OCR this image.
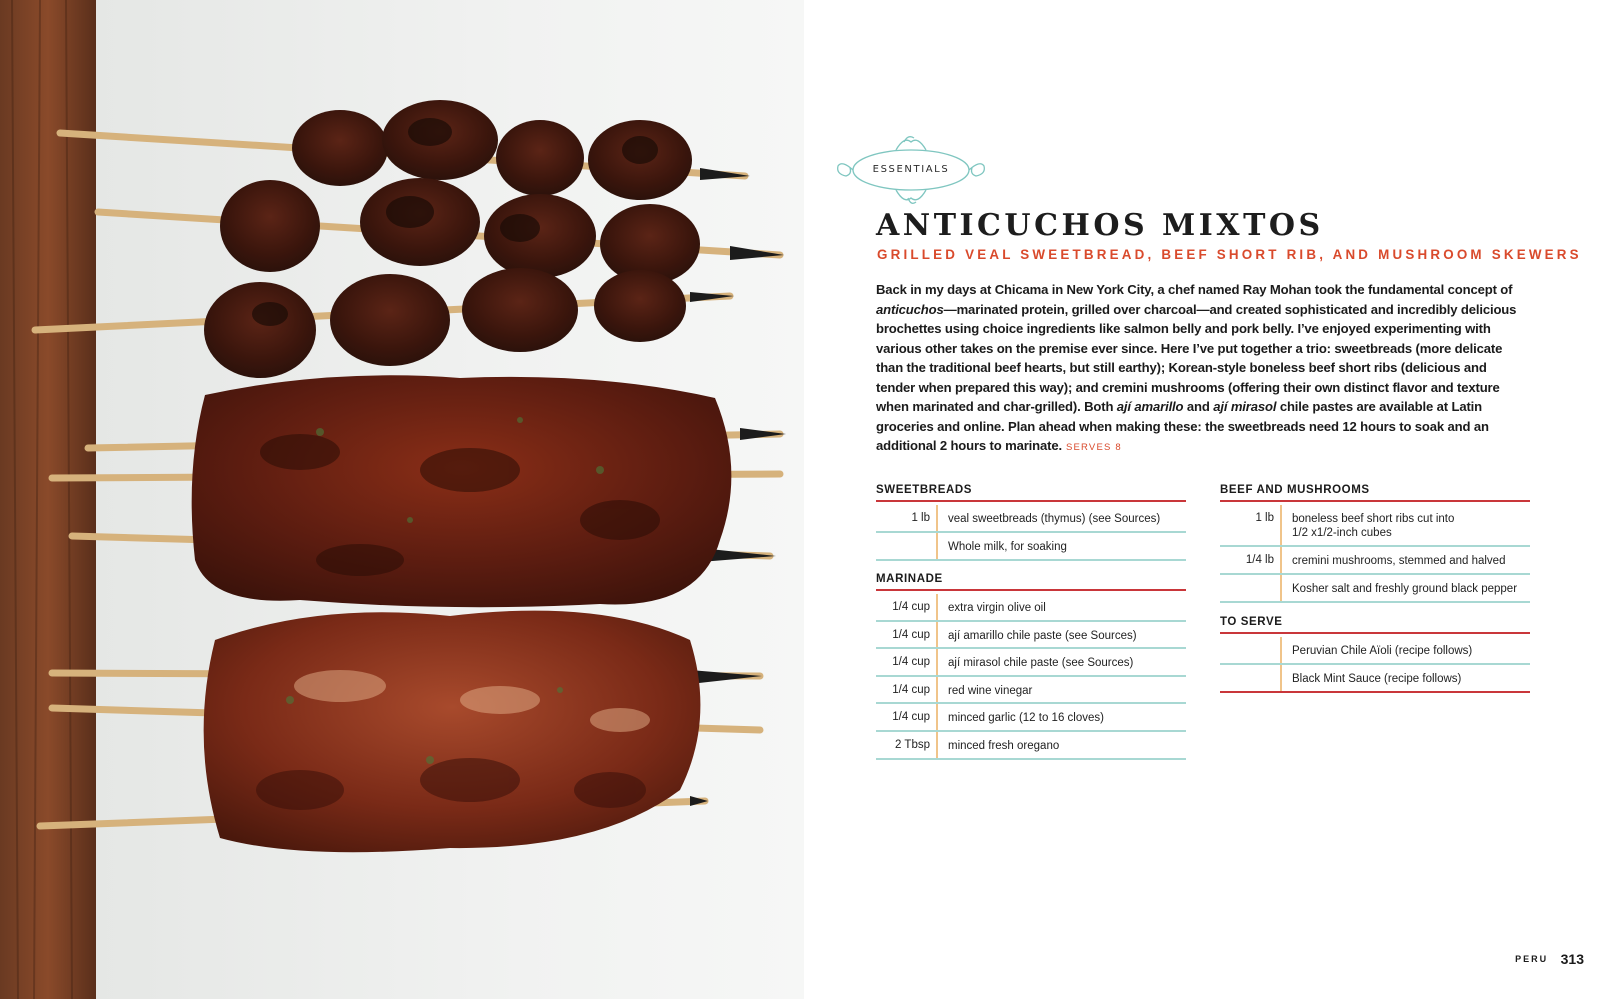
ESSENTIALS
ANTICUCHOS MIXTOS
GRILLED VEAL SWEETBREAD, BEEF SHORT RIB, AND MUSHROOM SKEWERS
Back in my days at Chicama in New York City, a chef named Ray Mohan took the fundamental concept of
anticuchos—marinated protein, grilled over charcoal—and created sophisticated and incredibly delicious
brochettes using choice ingredients like salmon belly and pork belly. I’ve enjoyed experimenting with
various other takes on the premise ever since. Here I’ve put together a trio: sweetbreads (more delicate
than the traditional beef hearts, but still earthy); Korean-style boneless beef short ribs (delicious and
tender when prepared this way); and cremini mushrooms (offering their own distinct flavor and texture
when marinated and char-grilled). Both ají amarillo and ají mirasol chile pastes are available at Latin
groceries and online. Plan ahead when making these: the sweetbreads need 12 hours to soak and an
additional 2 hours to marinate. SERVES 8
SWEETBREADS
1 lb	veal sweetbreads (thymus) (see Sources)
Whole milk, for soaking
MARINADE
1/4 cup	extra virgin olive oil
1/4 cup	ají amarillo chile paste (see Sources)
1/4 cup	ají mirasol chile paste (see Sources)
1/4 cup	red wine vinegar
1/4 cup	minced garlic (12 to 16 cloves)
2 Tbsp	minced fresh oregano
BEEF AND MUSHROOMS
1 lb	boneless beef short ribs cut into
1/2 x1/2-inch cubes
1/4 lb	cremini mushrooms, stemmed and halved
Kosher salt and freshly ground black pepper
TO SERVE
Peruvian Chile Aïoli (recipe follows)
Black Mint Sauce (recipe follows)
PERU 313
